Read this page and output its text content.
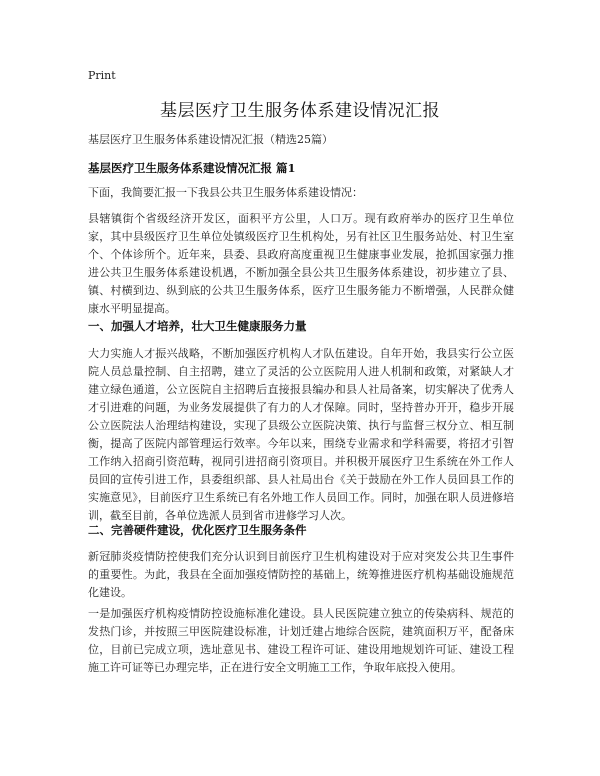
Print
基层医疗卫生服务体系建设情况汇报

基层医疗卫生服务体系建设情况汇报（精选25篇）

基层医疗卫生服务体系建设情况汇报 篇1

下面，我简要汇报一下我县公共卫生服务体系建设情况：

县辖镇街个省级经济开发区，面积平方公里，人口万。现有政府举办的医疗卫生单位家，其中县级医疗卫生单位处镇级医疗卫生机构处，另有社区卫生服务站处、村卫生室个、个体诊所个。近年来，县委、县政府高度重视卫生健康事业发展，抢抓国家强力推进公共卫生服务体系建设机遇，不断加强全县公共卫生服务体系建设，初步建立了县、镇、村横到边、纵到底的公共卫生服务体系，医疗卫生服务能力不断增强，人民群众健康水平明显提高。

一、加强人才培养，壮大卫生健康服务力量

大力实施人才振兴战略，不断加强医疗机构人才队伍建设。自年开始，我县实行公立医院人员总量控制、自主招聘，建立了灵活的公立医院用人进人机制和政策，对紧缺人才建立绿色通道，公立医院自主招聘后直接报县编办和县人社局备案，切实解决了优秀人才引进难的问题，为业务发展提供了有力的人才保障。同时，坚持普办开开，稳步开展公立医院法人治理结构建设，实现了县级公立医院决策、执行与监督三权分立、相互制衡，提高了医院内部管理运行效率。今年以来，围绕专业需求和学科需要，将招才引智工作纳入招商引资范畴，视同引进招商引资项目。并积极开展医疗卫生系统在外工作人员回的宣传引进工作，县委组织部、县人社局出台《关于鼓励在外工作人员回县工作的实施意见》，目前医疗卫生系统已有名外地工作人员回工作。同时，加强在职人员进修培训，截至目前，各单位选派人员到省市进修学习人次。

二、完善硬件建设，优化医疗卫生服务条件

新冠肺炎疫情防控使我们充分认识到目前医疗卫生机构建设对于应对突发公共卫生事件的重要性。为此，我县在全面加强疫情防控的基础上，统筹推进医疗机构基础设施规范化建设。

一是加强医疗机构疫情防控设施标准化建设。县人民医院建立独立的传染病科、规范的发热门诊，并按照三甲医院建设标准，计划迁建占地综合医院，建筑面积万平，配备床位，目前已完成立项，选址意见书、建设工程许可证、建设用地规划许可证、建设工程施工许可证等已办理完毕，正在进行安全文明施工工作，争取年底投入使用。
